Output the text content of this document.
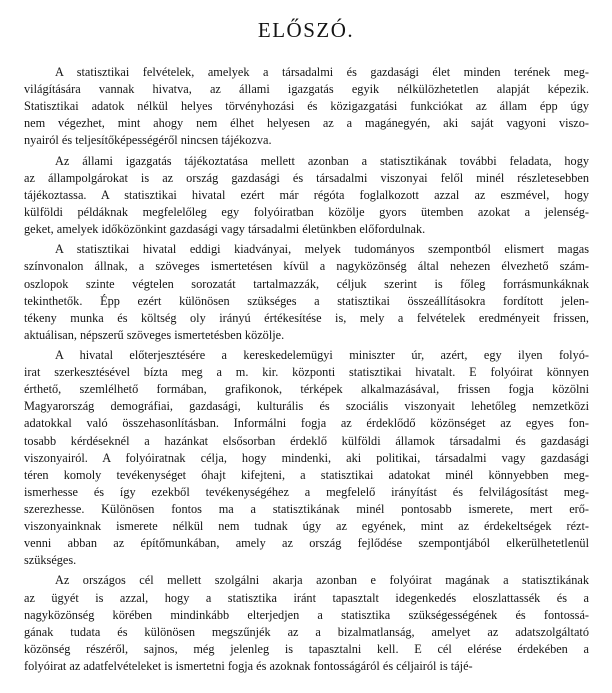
ELŐSZÓ.

A statisztikai felvételek, amelyek a társadalmi és gazdasági élet minden terének meg-
világítására vannak hivatva, az állami igazgatás egyik nélkülözhetetlen alapját képezik.
Statisztikai adatok nélkül helyes törvényhozási és közigazgatási funkciókat az állam épp úgy
nem végezhet, mint ahogy nem élhet helyesen az a magánegyén, aki saját vagyoni viszo-
nyairól és teljesítőképességéről nincsen tájékozva.

Az állami igazgatás tájékoztatása mellett azonban a statisztikának további feladata, hogy
az állampolgárokat is az ország gazdasági és társadalmi viszonyai felől minél részletesebben
tájékoztassa. A statisztikai hivatal ezért már régóta foglalkozott azzal az eszmével, hogy
külföldi példáknak megfelelőleg egy folyóiratban közölje gyors ütemben azokat a jelenség-
geket, amelyek időközönkint gazdasági vagy társadalmi életünkben előfordulnak.

A statisztikai hivatal eddigi kiadványai, melyek tudományos szempontból elismert magas
színvonalon állnak, a szöveges ismertetésen kívül a nagyközönség által nehezen élvezhető szám-
oszlopok szinte végtelen sorozatát tartalmazzák, céljuk szerint is főleg forrásmunkáknak
tekinthetők. Épp ezért különösen szükséges a statisztikai összeállításokra fordított jelen-
tékeny munka és költség oly irányú értékesítése is, mely a felvételek eredményeit frissen,
aktuálisan, népszerű szöveges ismertetésben közölje.

A hivatal előterjesztésére a kereskedelemügyi miniszter úr, azért, egy ilyen folyó-
irat szerkesztésével bízta meg a m. kir. központi statisztikai hivatalt. E folyóirat könnyen
érthető, szemlélhető formában, grafikonok, térképek alkalmazásával, frissen fogja közölni
Magyarország demográfiai, gazdasági, kulturális és szociális viszonyait lehetőleg nemzetközi
adatokkal való összehasonlításban. Informálni fogja az érdeklődő közönséget az egyes fon-
tosabb kérdéseknél a hazánkat elsősorban érdeklő külföldi államok társadalmi és gazdasági
viszonyairól. A folyóiratnak célja, hogy mindenki, aki politikai, társadalmi vagy gazdasági
téren komoly tevékenységet óhajt kifejteni, a statisztikai adatokat minél könnyebben meg-
ismerhesse és így ezekből tevékenységéhez a megfelelő irányítást és felvilágosítást meg-
szerezhesse. Különösen fontos ma a statisztikának minél pontosabb ismerete, mert erő-
viszonyainknak ismerete nélkül nem tudnak úgy az egyének, mint az érdekeltségek rézt-
venni abban az építőmunkában, amely az ország fejlődése szempontjából elkerülhetetlenül
szükséges.

Az országos cél mellett szolgálni akarja azonban e folyóirat magának a statisztikának
az ügyét is azzal, hogy a statisztika iránt tapasztalt idegenkedés eloszlattassék és a
nagyközönség körében mindinkább elterjedjen a statisztika szükségességének és fontossá-
gának tudata és különösen megszűnjék az a bizalmatlanság, amelyet az adatszolgáltató
közönség részéről, sajnos, még jelenleg is tapasztalni kell. E cél elérése érdekében a
folyóirat az adatfelvételeket is ismertetni fogja és azoknak fontosságáról és céljairól is tájé-
